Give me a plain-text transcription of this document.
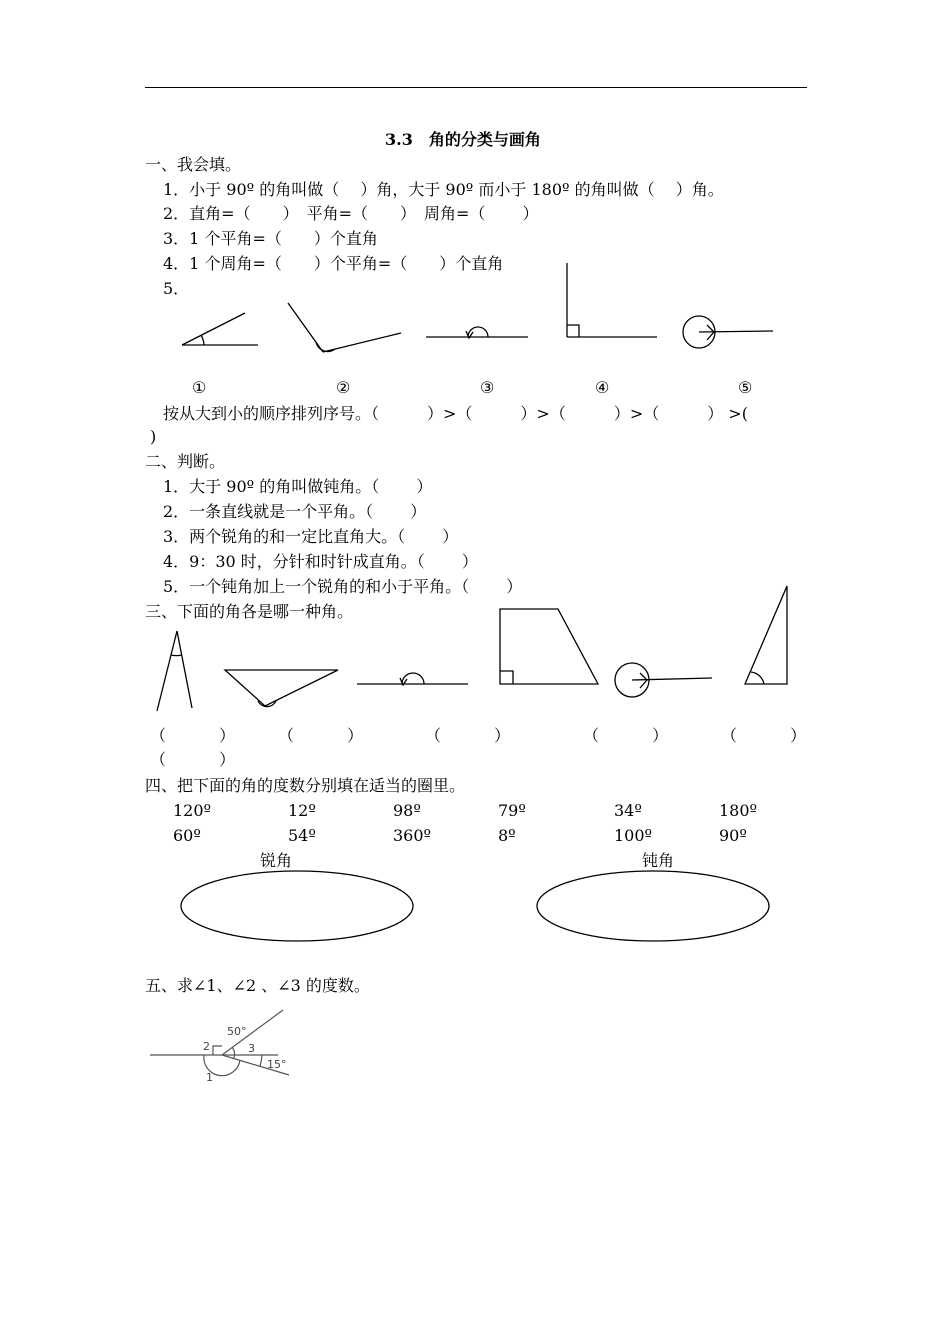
3.3　角的分类与画角
一、我会填。
1．小于 90º 的角叫做（　 ）角，大于 90º 而小于 180º 的角叫做（　 ）角。
2．直角=（　　）　平角=（　　）　周角=（　　 ）
3．1 个平角=（　　）个直角
4．1 个周角=（　　）个平角=（　　）个直角
5．
①	②	③	④	⑤
按从大到小的顺序排列序号。（　　　）>（　　　）>（　　　）>（　　　） >(
)
二、判断。
1．大于 90º 的角叫做钝角。（　　 ）
2．一条直线就是一个平角。（　　 ）
3．两个锐角的和一定比直角大。（　　 ）
4．9：30 时，分针和时针成直角。（　　 ）
5．一个钝角加上一个锐角的和小于平角。（　　 ）
三、下面的角各是哪一种角。
（　　　 ）	（　　　 ）	（　　　 ）	（　　　 ）	（　　　 ）
（　　　 ）
四、把下面的角的度数分别填在适当的圈里。
120º	12º	98º	79º	34º	180º
60º	54º	360º	8º	100º	90º
锐角	钝角
五、求∠1、∠2 、∠3 的度数。
50°
2	3
15°
1
